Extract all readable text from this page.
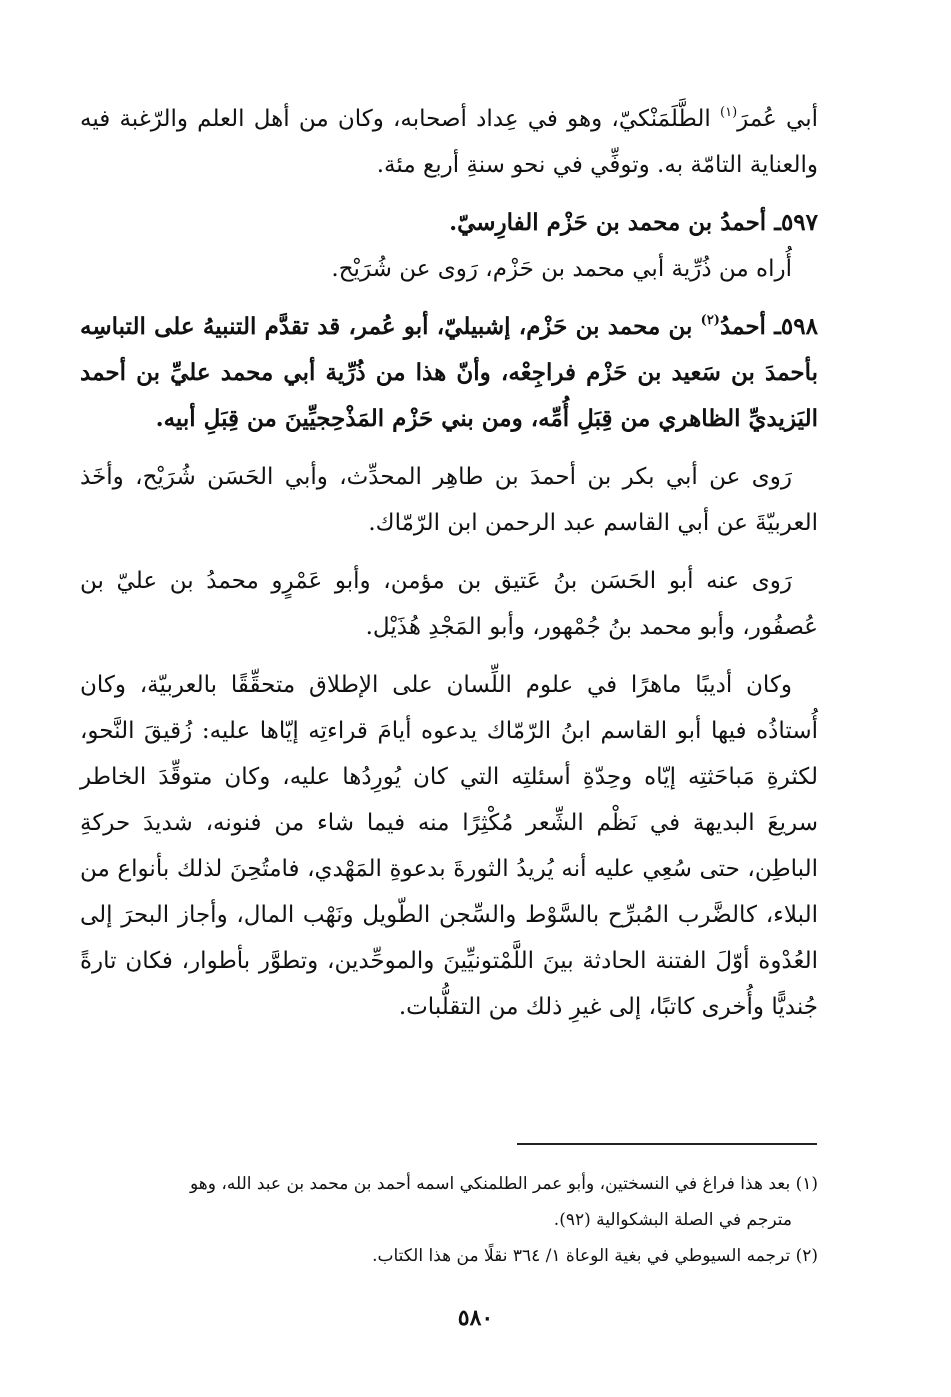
أبي عُمرَ$^{(١)}$ الطَّلَمَنْكيّ، وهو في عِداد أصحابه، وكان من أهل العلم والرّغبة فيه والعناية التامّة به. وتوفِّي في نحو سنةِ أربع مئة.

٥٩٧ـ أحمدُ بن محمد بن حَزْم الفارِسيّ.

أُراه من ذُرِّية أبي محمد بن حَزْم، رَوى عن شُرَيْح.

٥٩٨ـ أحمدُ$^{(٢)}$ بن محمد بن حَزْم، إشبيليّ، أبو عُمر، قد تقدَّم التنبيهُ على التباسِه بأحمدَ بن سَعيد بن حَزْم فراجِعْه، وأنّ هذا من ذُرِّية أبي محمد عليِّ بن أحمد اليَزيديِّ الظاهري من قِبَلِ أُمِّه، ومن بني حَزْم المَذْحِجيِّينَ من قِبَلِ أبيه.

رَوى عن أبي بكر بن أحمدَ بن طاهِر المحدِّث، وأبي الحَسَن شُرَيْح، وأخَذ العربيّةَ عن أبي القاسم عبد الرحمن ابن الرّمّاك.

رَوى عنه أبو الحَسَن بنُ عَتيق بن مؤمن، وأبو عَمْرٍو محمدُ بن عليّ بن عُصفُور، وأبو محمد بنُ جُمْهور، وأبو المَجْدِ هُذَيْل.

وكان أديبًا ماهرًا في علوم اللِّسان على الإطلاق متحقِّقًا بالعربيّة، وكان أُستاذُه فيها أبو القاسم ابنُ الرّمّاك يدعوه أيامَ قراءتِه إيّاها عليه: زُقيقَ النَّحو، لكثرةِ مَباحَثتِه إيّاه وحِدّةِ أسئلتِه التي كان يُورِدُها عليه، وكان متوقِّدَ الخاطر سريعَ البديهة في نَظْم الشِّعر مُكْثِرًا منه فيما شاء من فنونه، شديدَ حركةِ الباطِن، حتى سُعِي عليه أنه يُريدُ الثورةَ بدعوةِ المَهْدي، فامتُحِنَ لذلك بأنواع من البلاء، كالضَّرب المُبرِّح بالسَّوْط والسِّجن الطّويل ونَهْب المال، وأجاز البحرَ إلى العُدْوة أوّلَ الفتنة الحادثة بينَ اللَّمْتونيِّينَ والموحِّدين، وتطوَّر بأطوار، فكان تارةً جُنديًّا وأُخرى كاتبًا، إلى غيرِ ذلك من التقلُّبات.

(١) بعد هذا فراغ في النسختين، وأبو عمر الطلمنكي اسمه أحمد بن محمد بن عبد الله، وهو

مترجم في الصلة البشكوالية (٩٢).

(٢) ترجمه السيوطي في بغية الوعاة ١/ ٣٦٤ نقلًا من هذا الكتاب.

٥٨٠
